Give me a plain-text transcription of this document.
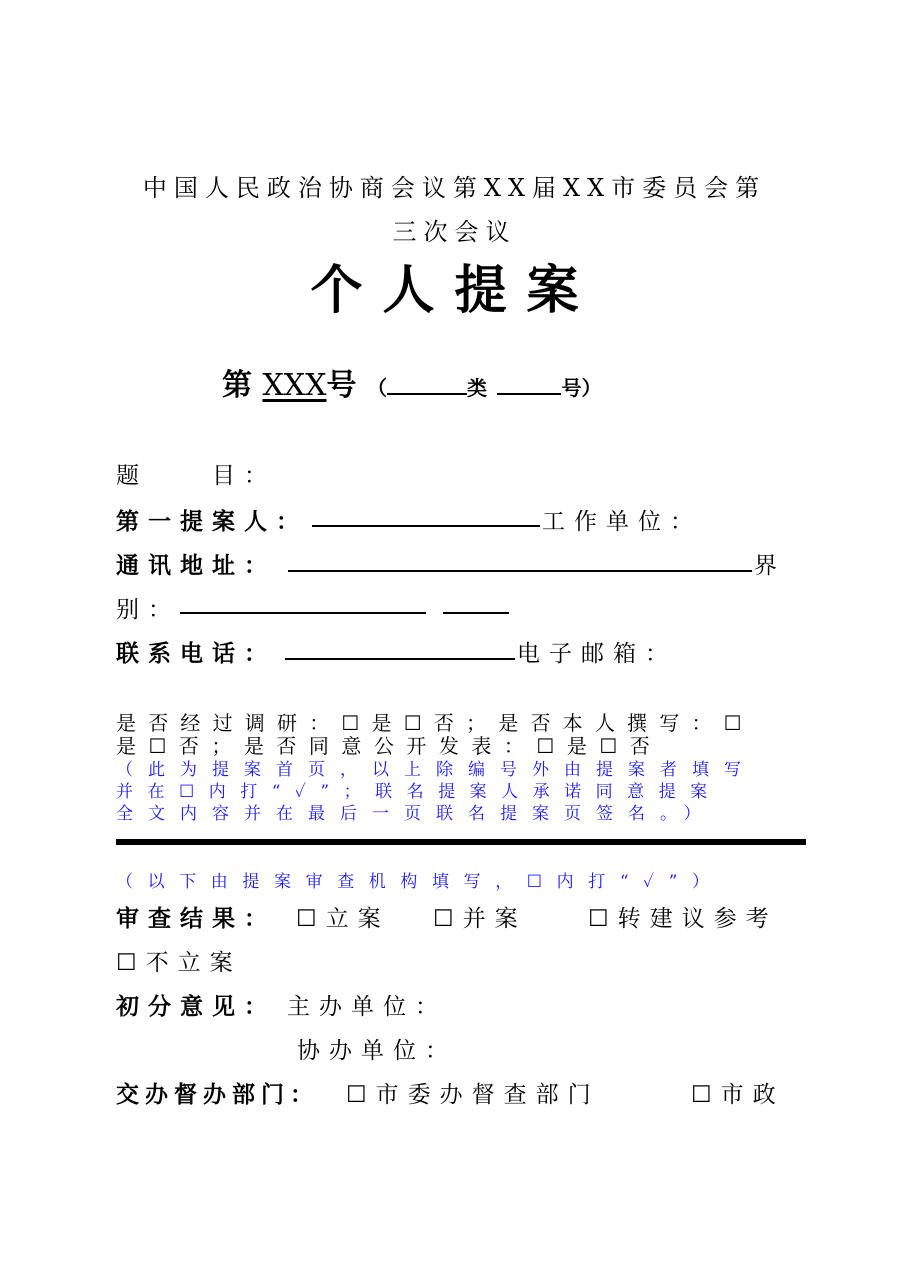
中国人民政治协商会议第XX届XX市委员会第
三次会议
个人提案
第 XXX号 （	类	号）
题　　目：
第一提案人：	工作单位：
通讯地址：	界
别：
联系电话：	电子邮箱：
是否经过调研：☐是☐否；是否本人撰写：☐
是☐否；是否同意公开发表：☐是☐否
（此为提案首页，以上除编号外由提案者填写
并在☐内打“✓”；联名提案人承诺同意提案
全文内容并在最后一页联名提案页签名。）
（以下由提案审查机构填写，☐内打“✓”）
审查结果： ☐立案 ☐并案	☐转建议参考
☐不立案
初分意见： 主办单位：
协办单位：
交办督办部门： ☐市委办督查部门	☐市政
